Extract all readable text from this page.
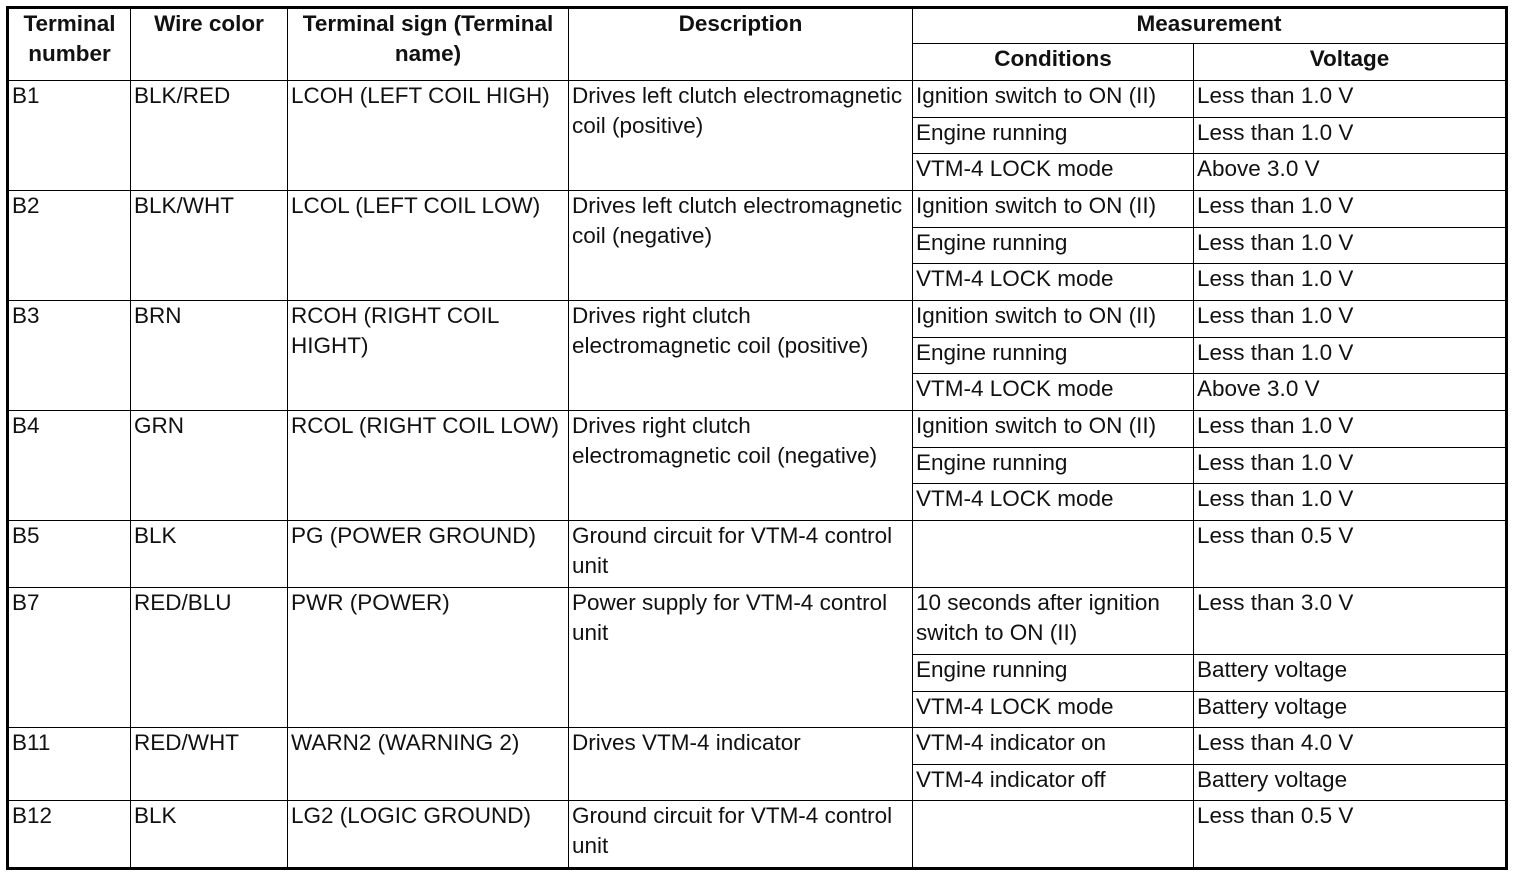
Terminal number	Wire color	Terminal sign (Terminal name)	Description	Measurement	
				Conditions	Voltage
B1	BLK/RED	LCOH (LEFT COIL HIGH)	Drives left clutch electromagnetic coil (positive)	Ignition switch to ON (II)	Less than 1.0 V
				Engine running	Less than 1.0 V
				VTM-4 LOCK mode	Above 3.0 V
B2	BLK/WHT	LCOL (LEFT COIL LOW)	Drives left clutch electromagnetic coil (negative)	Ignition switch to ON (II)	Less than 1.0 V
				Engine running	Less than 1.0 V
				VTM-4 LOCK mode	Less than 1.0 V
B3	BRN	RCOH (RIGHT COIL HIGHT)	Drives right clutch electromagnetic coil (positive)	Ignition switch to ON (II)	Less than 1.0 V
				Engine running	Less than 1.0 V
				VTM-4 LOCK mode	Above 3.0 V
B4	GRN	RCOL (RIGHT COIL LOW)	Drives right clutch electromagnetic coil (negative)	Ignition switch to ON (II)	Less than 1.0 V
				Engine running	Less than 1.0 V
				VTM-4 LOCK mode	Less than 1.0 V
B5	BLK	PG (POWER GROUND)	Ground circuit for VTM-4 control unit		Less than 0.5 V
B7	RED/BLU	PWR (POWER)	Power supply for VTM-4 control unit	10 seconds after ignition switch to ON (II)	Less than 3.0 V
				Engine running	Battery voltage
				VTM-4 LOCK mode	Battery voltage
B11	RED/WHT	WARN2 (WARNING 2)	Drives VTM-4 indicator	VTM-4 indicator on	Less than 4.0 V
				VTM-4 indicator off	Battery voltage
B12	BLK	LG2 (LOGIC GROUND)	Ground circuit for VTM-4 control unit		Less than 0.5 V
